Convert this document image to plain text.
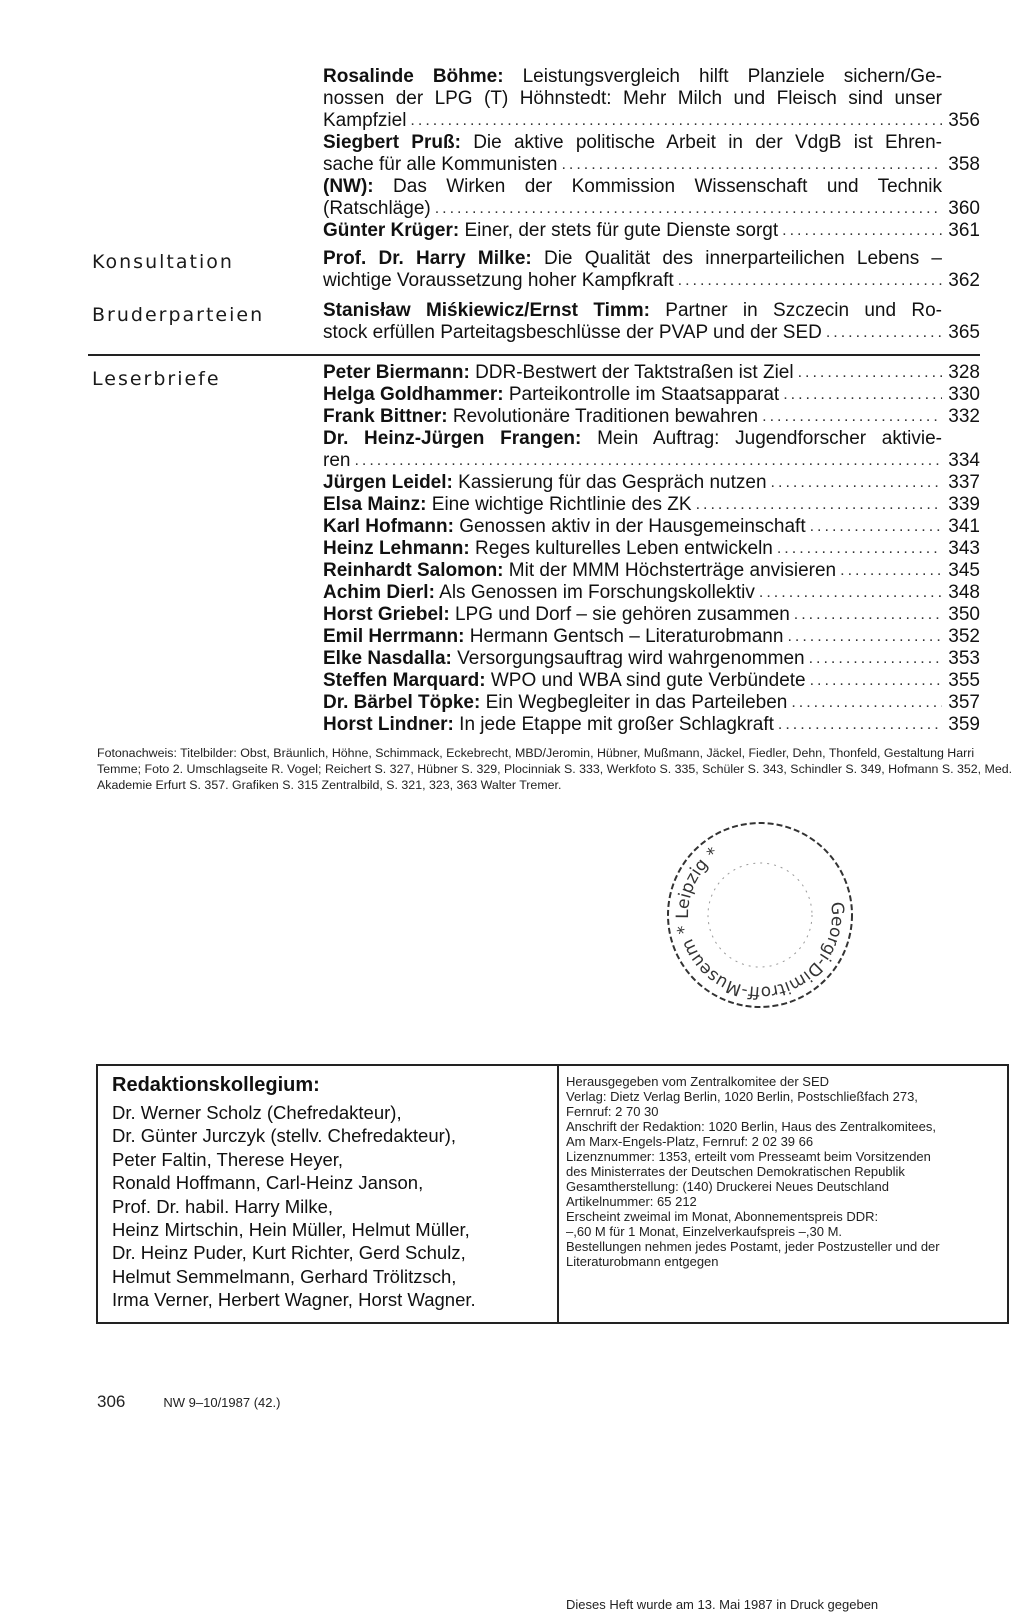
Rosalinde Böhme: Leistungsvergleich hilft Planziele sichern/Ge-
nossen der LPG (T) Höhnstedt: Mehr Milch und Fleisch sind unser
Kampfziel .....	356
Siegbert Pruß: Die aktive politische Arbeit in der VdgB ist Ehren-
sache für alle Kommunisten .....	358
(NW): Das Wirken der Kommission Wissenschaft und Technik
(Ratschläge) .....	360
Günter Krüger: Einer, der stets für gute Dienste sorgt .....	361
Konsultation	Prof. Dr. Harry Milke: Die Qualität des innerparteilichen Lebens –
wichtige Voraussetzung hoher Kampfkraft .....	362
Bruderparteien	Stanisław Miśkiewicz/Ernst Timm: Partner in Szczecin und Ro-
stock erfüllen Parteitagsbeschlüsse der PVAP und der SED .....	365
Leserbriefe	Peter Biermann: DDR-Bestwert der Taktstraßen ist Ziel .....	328
Helga Goldhammer: Parteikontrolle im Staatsapparat .....	330
Frank Bittner: Revolutionäre Traditionen bewahren .....	332
Dr. Heinz-Jürgen Frangen: Mein Auftrag: Jugendforscher aktivie-
ren .....	334
Jürgen Leidel: Kassierung für das Gespräch nutzen .....	337
Elsa Mainz: Eine wichtige Richtlinie des ZK .....	339
Karl Hofmann: Genossen aktiv in der Hausgemeinschaft .....	341
Heinz Lehmann: Reges kulturelles Leben entwickeln .....	343
Reinhardt Salomon: Mit der MMM Höchsterträge anvisieren .....	345
Achim Dierl: Als Genossen im Forschungskollektiv .....	348
Horst Griebel: LPG und Dorf – sie gehören zusammen .....	350
Emil Herrmann: Hermann Gentsch – Literaturobmann .....	352
Elke Nasdalla: Versorgungsauftrag wird wahrgenommen .....	353
Steffen Marquard: WPO und WBA sind gute Verbündete .....	355
Dr. Bärbel Töpke: Ein Wegbegleiter in das Parteileben .....	357
Horst Lindner: In jede Etappe mit großer Schlagkraft .....	359
Fotonachweis: Titelbilder: Obst, Bräunlich, Höhne, Schimmack, Eckebrecht, MBD/Jeromin, Hübner, Mußmann, Jäckel, Fiedler, Dehn, Thonfeld, Gestaltung Harri Temme; Foto 2. Umschlagseite R. Vogel; Reichert S. 327, Hübner S. 329, Plocinniak S. 333, Werkfoto S. 335, Schüler S. 343, Schindler S. 349, Hofmann S. 352, Med. Akademie Erfurt S. 357. Grafiken S. 315 Zentralbild, S. 321, 323, 363 Walter Tremer.
Georgi-Dimitroff-Museum * Leipzig *
Redaktionskollegium:
Dr. Werner Scholz (Chefredakteur),
Dr. Günter Jurczyk (stellv. Chefredakteur),
Peter Faltin, Therese Heyer,
Ronald Hoffmann, Carl-Heinz Janson,
Prof. Dr. habil. Harry Milke,
Heinz Mirtschin, Hein Müller, Helmut Müller,
Dr. Heinz Puder, Kurt Richter, Gerd Schulz,
Helmut Semmelmann, Gerhard Trölitzsch,
Irma Verner, Herbert Wagner, Horst Wagner.
Herausgegeben vom Zentralkomitee der SED
Verlag: Dietz Verlag Berlin, 1020 Berlin, Postschließfach 273,
Fernruf: 2 70 30
Anschrift der Redaktion: 1020 Berlin, Haus des Zentralkomitees,
Am Marx-Engels-Platz, Fernruf: 2 02 39 66
Lizenznummer: 1353, erteilt vom Presseamt beim Vorsitzenden
des Ministerrates der Deutschen Demokratischen Republik
Gesamtherstellung: (140) Druckerei Neues Deutschland
Artikelnummer: 65 212
Erscheint zweimal im Monat, Abonnementspreis DDR:
–,60 M für 1 Monat, Einzelverkaufspreis –,30 M.
Bestellungen nehmen jedes Postamt, jeder Postzusteller und der
Literaturobmann entgegen
Dieses Heft wurde am 13. Mai 1987 in Druck gegeben
306	NW 9–10/1987 (42.)
